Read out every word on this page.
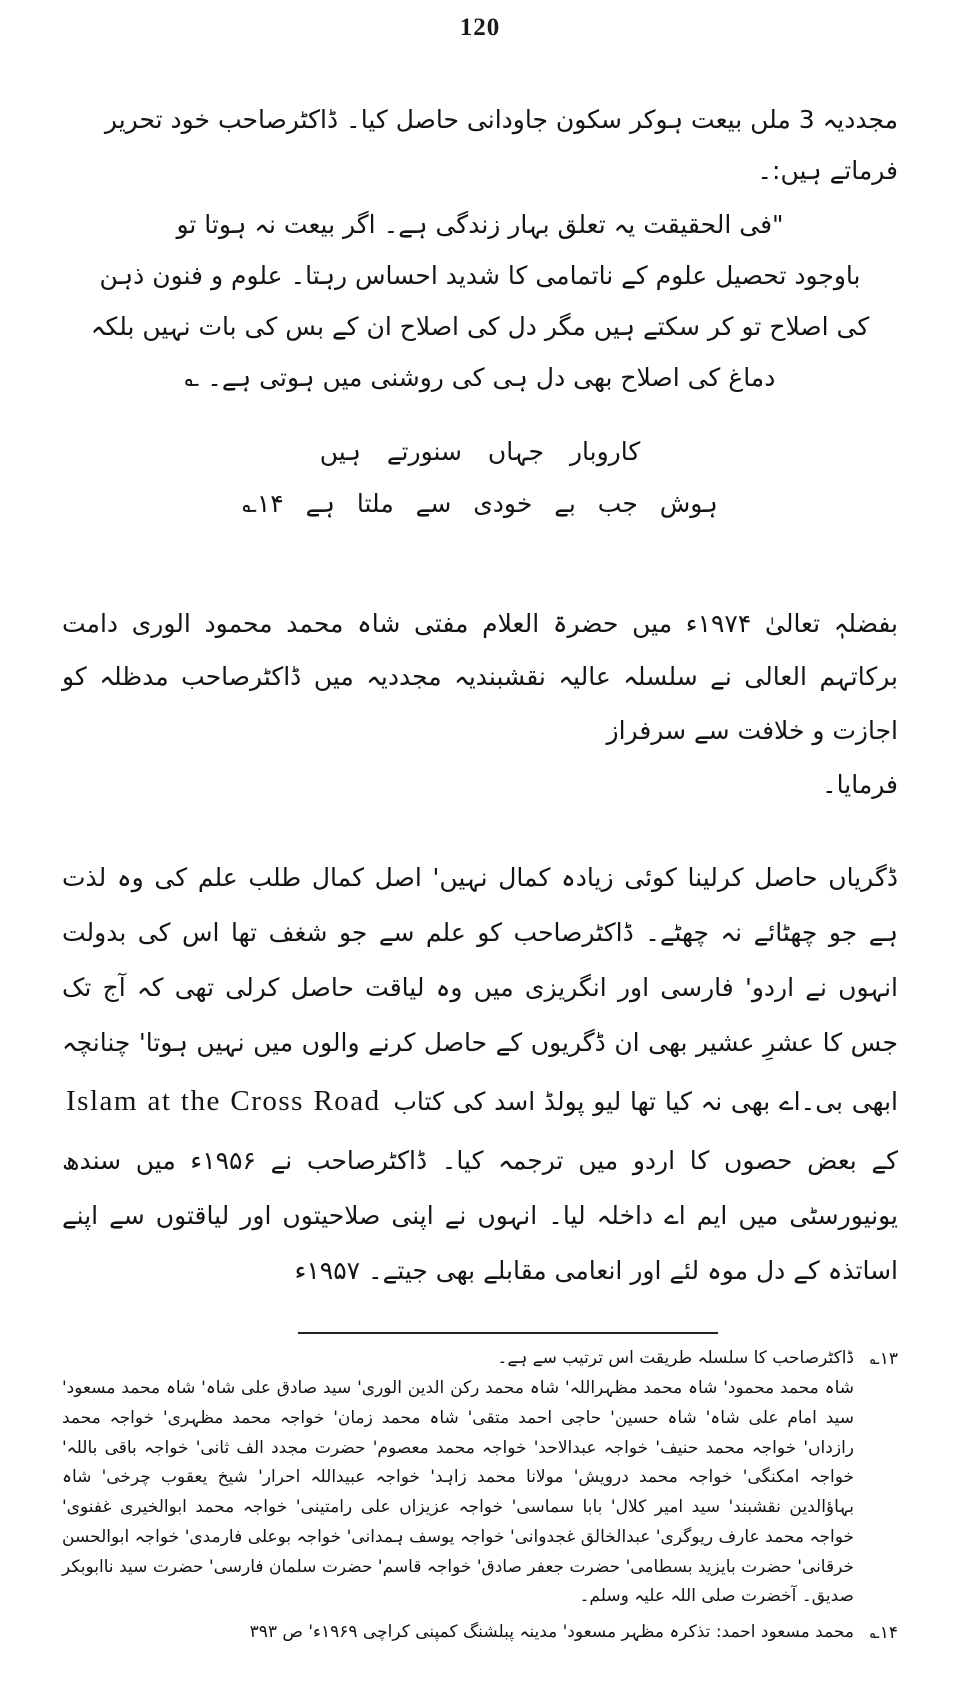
120
مجددیہ 3 ملں بیعت ہوکر سکون جاودانی حاصل کیا۔ ڈاکٹرصاحب خود تحریر فرماتے ہیں:۔
"فی الحقیقت یہ تعلق بہار زندگی ہے۔ اگر بیعت نہ ہوتا تو
باوجود تحصیل علوم کے ناتمامی کا شدید احساس رہتا۔ علوم و فنون ذہن
کی اصلاح تو کر سکتے ہیں مگر دل کی اصلاح ان کے بس کی بات نہیں بلکہ
دماغ کی اصلاح بھی دل ہی کی روشنی میں ہوتی ہے۔ ؎
کاروبار جہاں سنورتے ہیں
ہوش جب بے خودی سے ملتا ہے ۱۴؎
بفضلہٖ تعالیٰ ۱۹۷۴ء میں حضرۃ العلام مفتی شاہ محمد محمود الوری دامت برکاتہم العالی نے سلسلہ عالیہ نقشبندیہ مجددیہ میں ڈاکٹرصاحب مدظلہ کو اجازت و خلافت سے سرفراز
فرمایا۔
ڈگریاں حاصل کرلینا کوئی زیادہ کمال نہیں' اصل کمال طلب علم کی وہ لذت ہے جو چھٹائے نہ چھٹے۔ ڈاکٹرصاحب کو علم سے جو شغف تھا اس کی بدولت انہوں نے اردو' فارسی اور انگریزی میں وہ لیاقت حاصل کرلی تھی کہ آج تک جس کا عشرِ عشیر بھی ان ڈگریوں کے حاصل کرنے والوں میں نہیں ہوتا' چنانچہ ابھی بی۔اے بھی نہ کیا تھا لیو پولڈ اسد کی کتاب Islam at the Cross Road کے بعض حصوں کا اردو میں ترجمہ کیا۔ ڈاکٹرصاحب نے ۱۹۵۶ء میں سندھ یونیورسٹی میں ایم اے داخلہ لیا۔ انہوں نے اپنی صلاحیتوں اور لیاقتوں سے اپنے اساتذہ کے دل موہ لئے اور انعامی مقابلے بھی جیتے۔ ۱۹۵۷ء
۱۳؎
ڈاکٹرصاحب کا سلسلہ طریقت اس ترتیب سے ہے۔
شاہ محمد محمود' شاہ محمد مظہراللہ' شاہ محمد رکن الدین الوری' سید صادق علی شاہ' شاہ محمد مسعود' سید امام علی شاہ' شاہ حسین' حاجی احمد متقی' شاہ محمد زمان' خواجہ محمد مظہری' خواجہ محمد رازداں' خواجہ محمد حنیف' خواجہ عبدالاحد' خواجہ محمد معصوم' حضرت مجدد الف ثانی' خواجہ باقی باللہ' خواجہ امکنگی' خواجہ محمد درویش' مولانا محمد زاہد' خواجہ عبیداللہ احرار' شیخ یعقوب چرخی' شاہ بہاؤالدین نقشبند' سید امیر کلال' بابا سماسی' خواجہ عزیزاں علی رامتینی' خواجہ محمد ابوالخیری غفنوی' خواجہ محمد عارف ریوگری' عبدالخالق غجدوانی' خواجہ یوسف ہمدانی' خواجہ بوعلی فارمدی' خواجہ ابوالحسن خرقانی' حضرت بایزید بسطامی' حضرت جعفر صادق' خواجہ قاسم' حضرت سلمان فارسی' حضرت سید ناابوبکر صدیق۔ آخضرت صلی اللہ علیہ وسلم۔
۱۴؎
محمد مسعود احمد: تذکرہ مظہر مسعود' مدینہ پبلشنگ کمپنی کراچی ۱۹۶۹ء' ص ۳۹۳
